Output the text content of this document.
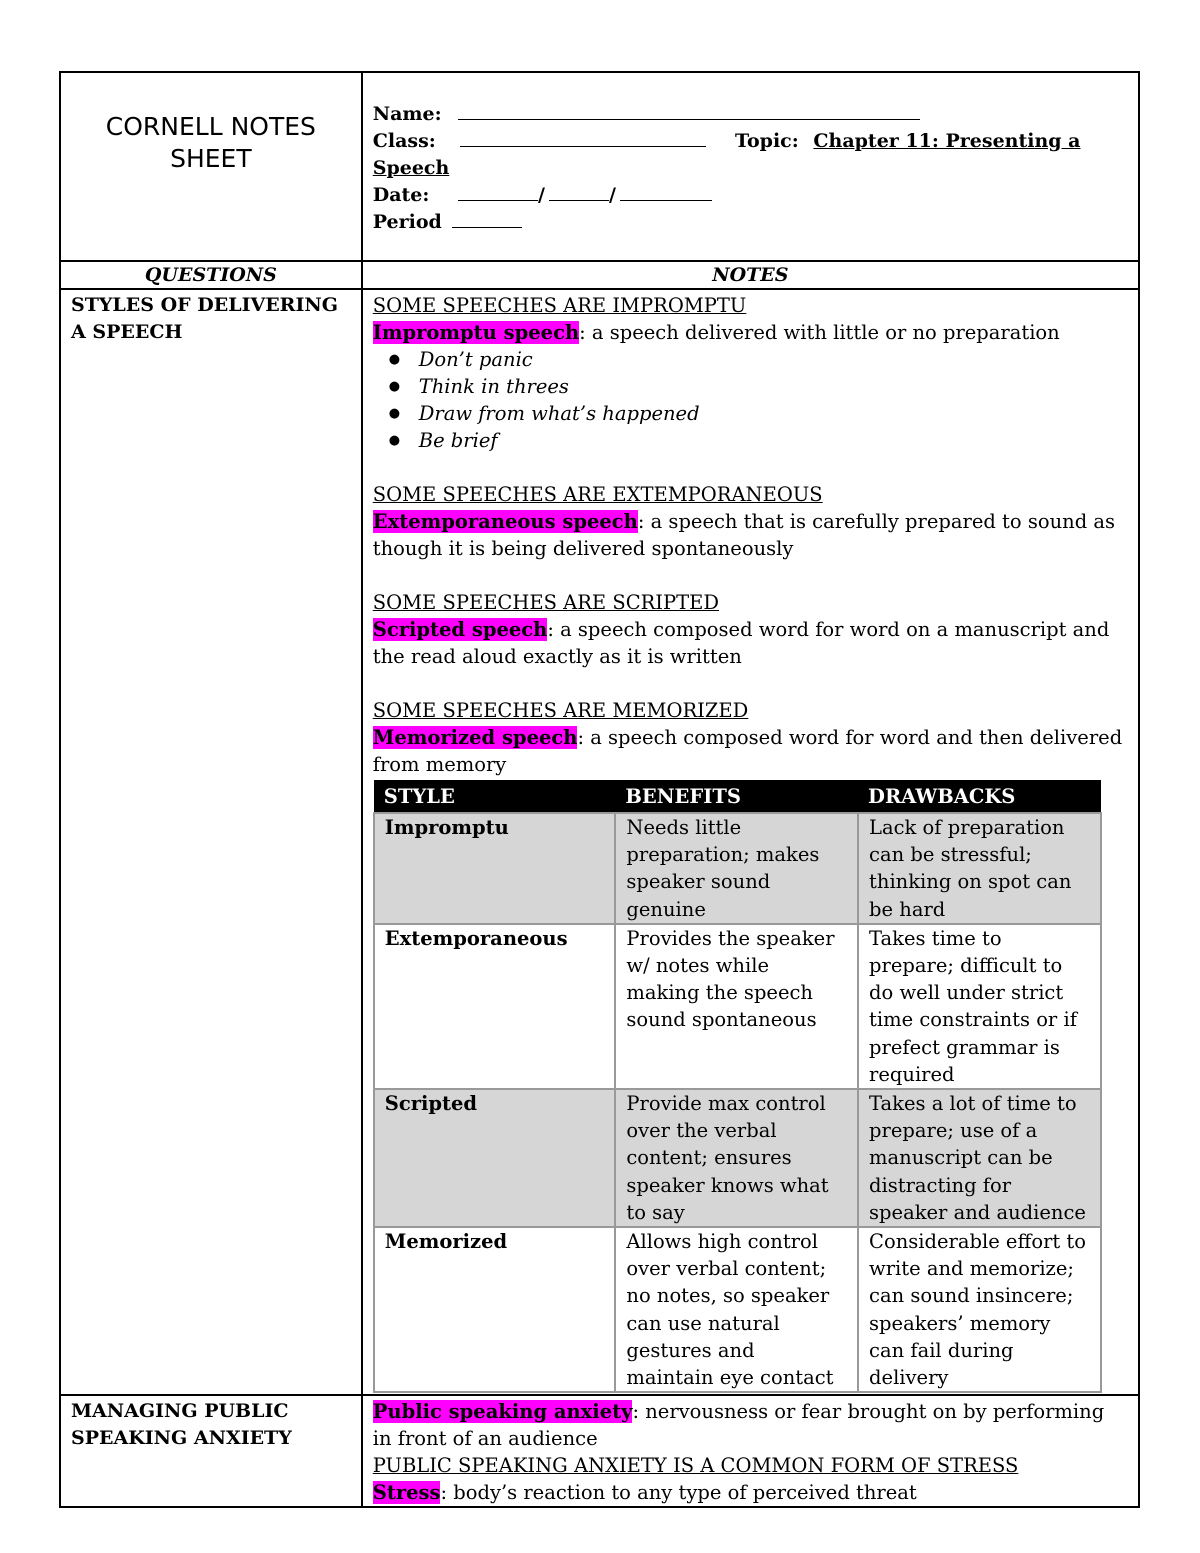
CORNELL NOTES
SHEET

Name:
Class:	Topic: Chapter 11: Presenting a
Speech
Date:	/	/
Period

QUESTIONS	NOTES

STYLES OF DELIVERING
A SPEECH

SOME SPEECHES ARE IMPROMPTU

Impromptu speech: a speech delivered with little or no preparation

● Don’t panic
● Think in threes
● Draw from what’s happened
● Be brief

SOME SPEECHES ARE EXTEMPORANEOUS

Extemporaneous speech: a speech that is carefully prepared to sound as though it is being delivered spontaneously

SOME SPEECHES ARE SCRIPTED

Scripted speech: a speech composed word for word on a manuscript and the read aloud exactly as it is written

SOME SPEECHES ARE MEMORIZED

Memorized speech: a speech composed word for word and then delivered from memory

STYLE	BENEFITS	DRAWBACKS
Impromptu	Needs little preparation; makes speaker sound genuine	Lack of preparation can be stressful; thinking on spot can be hard
Extemporaneous	Provides the speaker w/ notes while making the speech sound spontaneous	Takes time to prepare; difficult to do well under strict time constraints or if prefect grammar is required
Scripted	Provide max control over the verbal content; ensures speaker knows what to say	Takes a lot of time to prepare; use of a manuscript can be distracting for speaker and audience
Memorized	Allows high control over verbal content; no notes, so speaker can use natural gestures and maintain eye contact	Considerable effort to write and memorize; can sound insincere; speakers’ memory can fail during delivery

MANAGING PUBLIC
SPEAKING ANXIETY

Public speaking anxiety: nervousness or fear brought on by performing in front of an audience

PUBLIC SPEAKING ANXIETY IS A COMMON FORM OF STRESS

Stress: body’s reaction to any type of perceived threat
